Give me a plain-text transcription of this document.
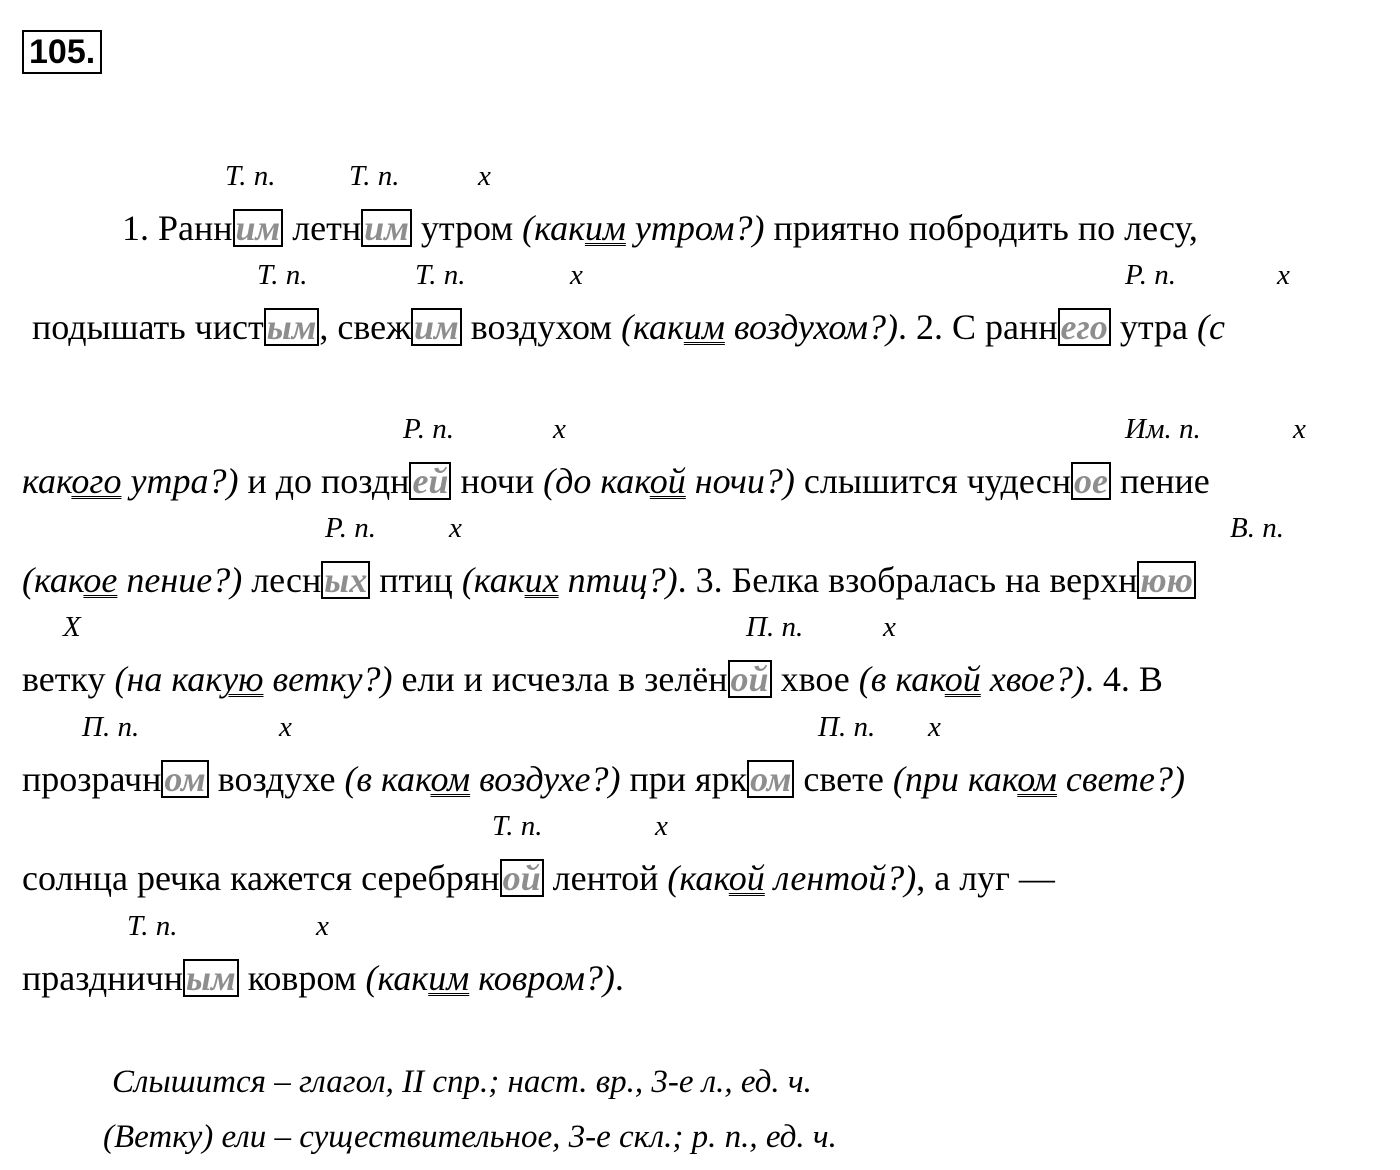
105.
Т. п.	Т. п.	x
1. Ранним летним утром (каким утром?) приятно побродить по лесу,
Т. п.	Т. п.	x	Р. п.	x
подышать чистым, свежим воздухом (каким воздухом?). 2. С раннего утра (с
Р. п.	x	Им. п.	x
какого утра?) и до поздней ночи (до какой ночи?) слышится чудесное пение
Р. п.	x	В. п.
(какое пение?) лесных птиц (каких птиц?). 3. Белка взобралась на верхнюю
X	П. п.	x
ветку (на какую ветку?) ели и исчезла в зелёной хвое (в какой хвое?). 4. В
П. п.	x	П. п. x
прозрачном воздухе (в каком воздухе?) при ярком свете (при каком свете?)
Т. п.	x
солнца речка кажется серебряной лентой (какой лентой?), а луг —
Т. п.	x
праздничным ковром (каким ковром?).
Слышится – глагол, II спр.; наст. вр., 3-е л., ед. ч.
(Ветку) ели – существительное, 3-е скл.; р. п., ед. ч.
